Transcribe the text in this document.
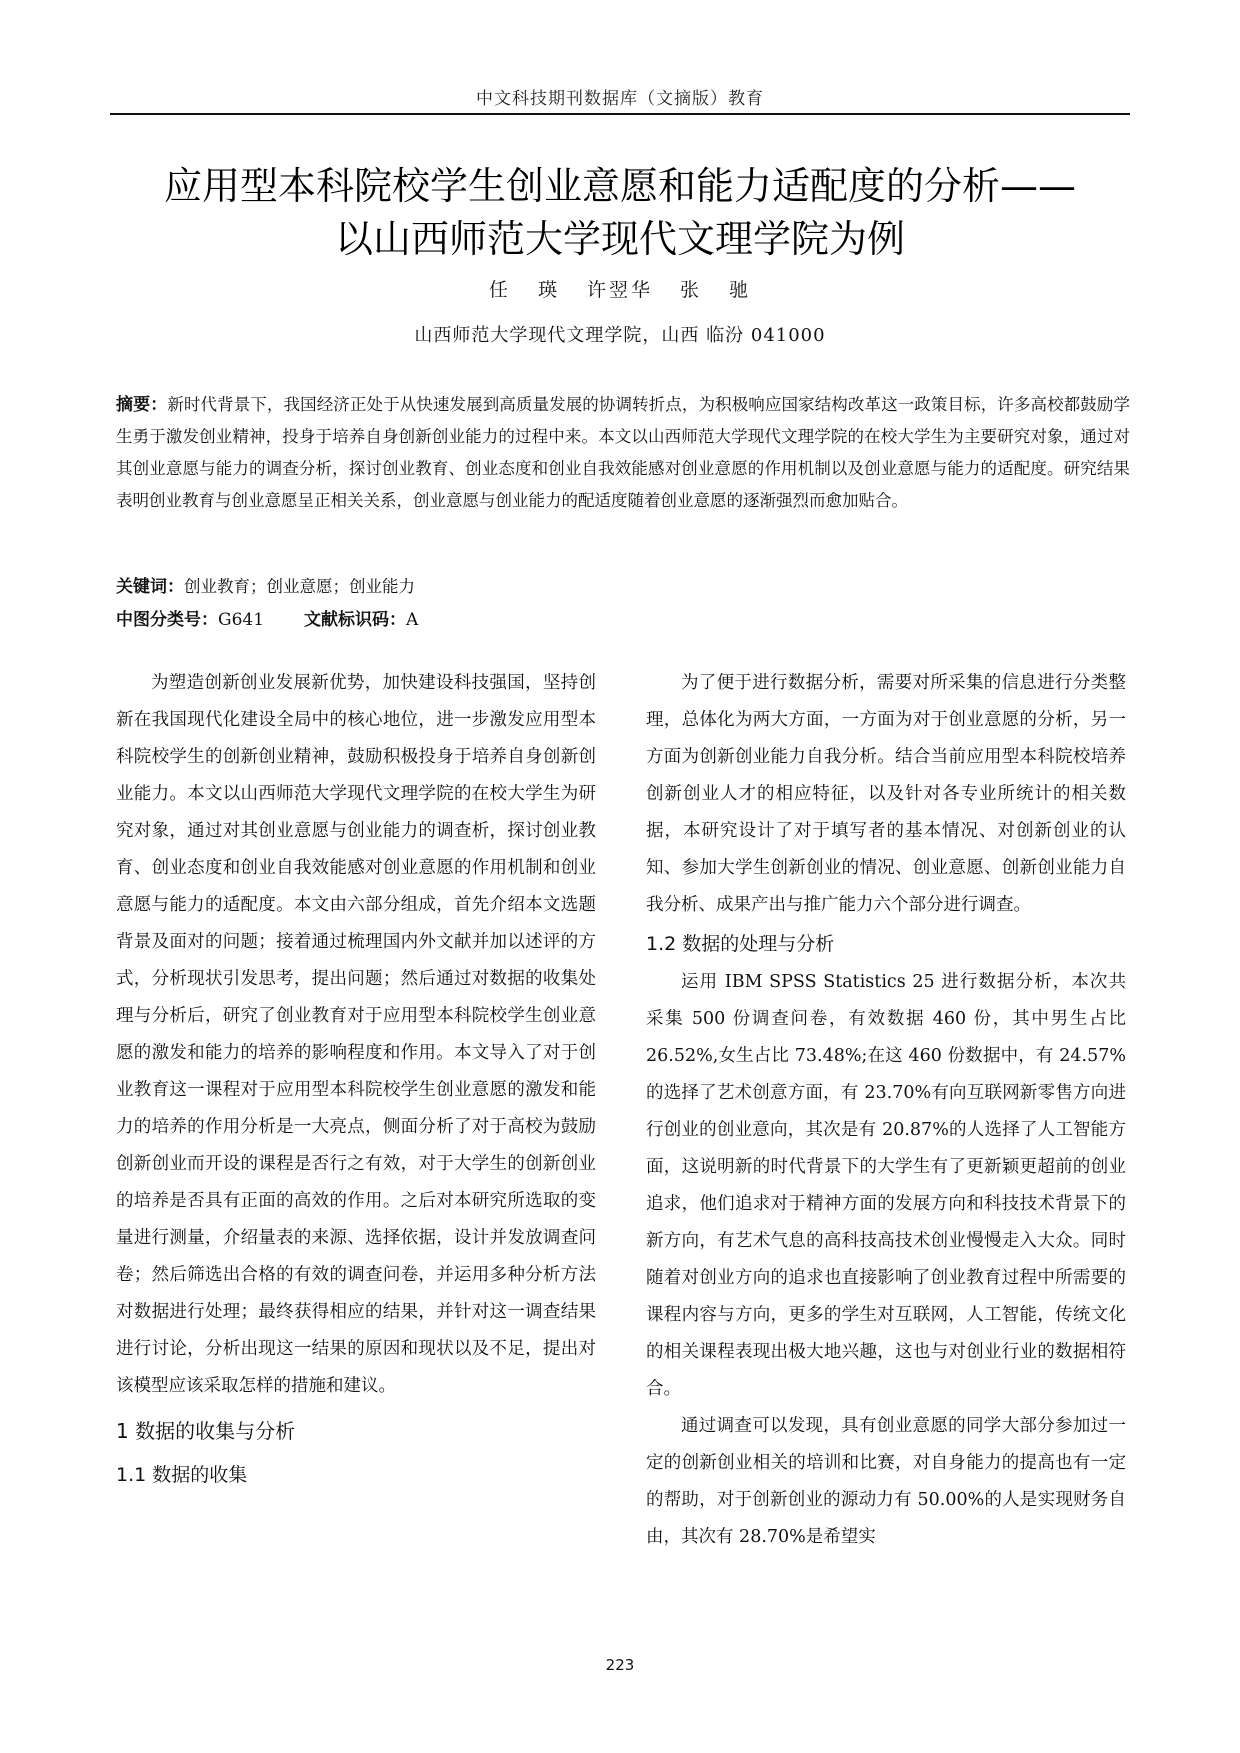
中文科技期刊数据库（文摘版）教育
应用型本科院校学生创业意愿和能力适配度的分析——
以山西师范大学现代文理学院为例
任 瑛 许翌华 张 驰
山西师范大学现代文理学院，山西 临汾 041000
摘要：新时代背景下，我国经济正处于从快速发展到高质量发展的协调转折点，为积极响应国家结构改革这一政策目标，许多高校都鼓励学生勇于激发创业精神，投身于培养自身创新创业能力的过程中来。本文以山西师范大学现代文理学院的在校大学生为主要研究对象，通过对其创业意愿与能力的调查分析，探讨创业教育、创业态度和创业自我效能感对创业意愿的作用机制以及创业意愿与能力的适配度。研究结果表明创业教育与创业意愿呈正相关关系，创业意愿与创业能力的配适度随着创业意愿的逐渐强烈而愈加贴合。
关键词：创业教育；创业意愿；创业能力
中图分类号：G641 文献标识码：A

为塑造创新创业发展新优势，加快建设科技强国，坚持创新在我国现代化建设全局中的核心地位，进一步激发应用型本科院校学生的创新创业精神，鼓励积极投身于培养自身创新创业能力。本文以山西师范大学现代文理学院的在校大学生为研究对象，通过对其创业意愿与创业能力的调查析，探讨创业教育、创业态度和创业自我效能感对创业意愿的作用机制和创业意愿与能力的适配度。本文由六部分组成，首先介绍本文选题背景及面对的问题；接着通过梳理国内外文献并加以述评的方式，分析现状引发思考，提出问题；然后通过对数据的收集处理与分析后，研究了创业教育对于应用型本科院校学生创业意愿的激发和能力的培养的影响程度和作用。本文导入了对于创业教育这一课程对于应用型本科院校学生创业意愿的激发和能力的培养的作用分析是一大亮点，侧面分析了对于高校为鼓励创新创业而开设的课程是否行之有效，对于大学生的创新创业的培养是否具有正面的高效的作用。之后对本研究所选取的变量进行测量，介绍量表的来源、选择依据，设计并发放调查问卷；然后筛选出合格的有效的调查问卷，并运用多种分析方法对数据进行处理；最终获得相应的结果，并针对这一调查结果进行讨论，分析出现这一结果的原因和现状以及不足，提出对该模型应该采取怎样的措施和建议。

1 数据的收集与分析
1.1 数据的收集

为了便于进行数据分析，需要对所采集的信息进行分类整理，总体化为两大方面，一方面为对于创业意愿的分析，另一方面为创新创业能力自我分析。结合当前应用型本科院校培养创新创业人才的相应特征，以及针对各专业所统计的相关数据，本研究设计了对于填写者的基本情况、对创新创业的认知、参加大学生创新创业的情况、创业意愿、创新创业能力自我分析、成果产出与推广能力六个部分进行调查。

1.2 数据的处理与分析

运用 IBM SPSS Statistics 25 进行数据分析，本次共采集 500 份调查问卷，有效数据 460 份，其中男生占比 26.52%,女生占比 73.48%;在这 460 份数据中，有 24.57%的选择了艺术创意方面，有 23.70%有向互联网新零售方向进行创业的创业意向，其次是有 20.87%的人选择了人工智能方面，这说明新的时代背景下的大学生有了更新颖更超前的创业追求，他们追求对于精神方面的发展方向和科技技术背景下的新方向，有艺术气息的高科技高技术创业慢慢走入大众。同时随着对创业方向的追求也直接影响了创业教育过程中所需要的课程内容与方向，更多的学生对互联网，人工智能，传统文化的相关课程表现出极大地兴趣，这也与对创业行业的数据相符合。

通过调查可以发现，具有创业意愿的同学大部分参加过一定的创新创业相关的培训和比赛，对自身能力的提高也有一定的帮助，对于创新创业的源动力有 50.00%的人是实现财务自由，其次有 28.70%是希望实

223
